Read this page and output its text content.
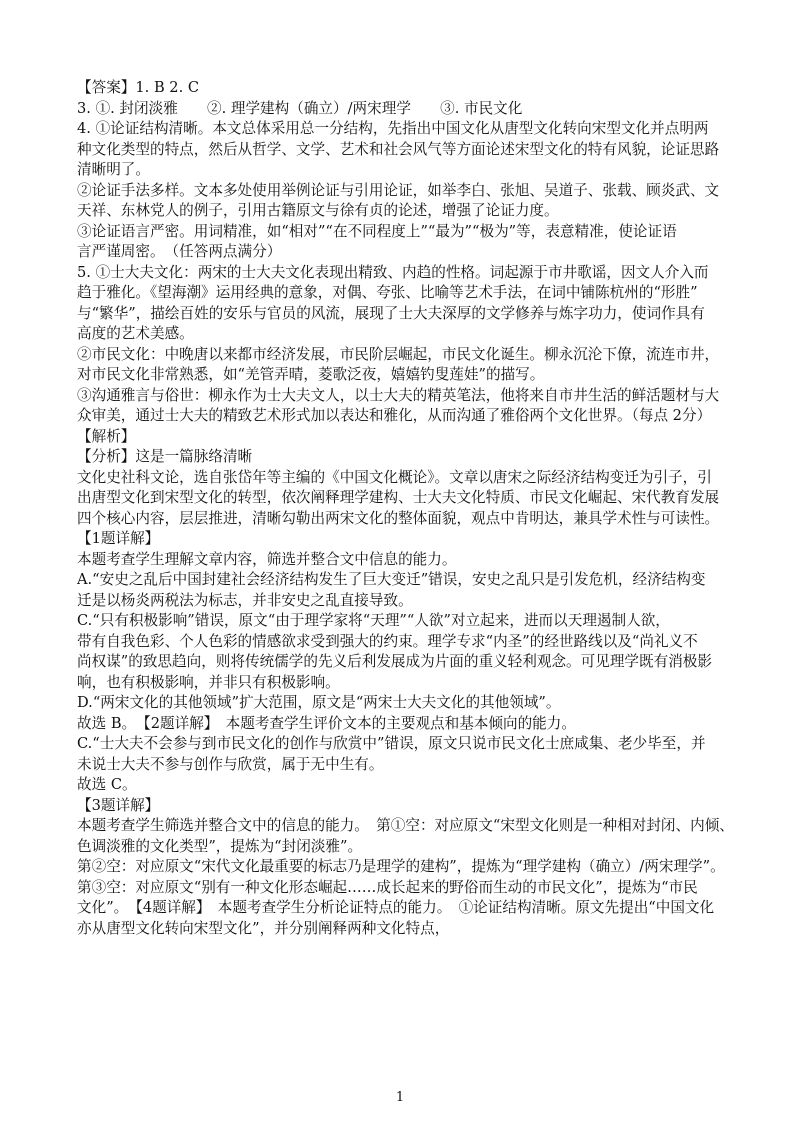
【答案】1. B 2. C
3. ①. 封闭淡雅　　②. 理学建构（确立）/两宋理学　　③. 市民文化
4. ①论证结构清晰。本文总体采用总一分结构，先指出中国文化从唐型文化转向宋型文化并点明两
种文化类型的特点，然后从哲学、文学、艺术和社会风气等方面论述宋型文化的特有风貌，论证思路
清晰明了。
②论证手法多样。文本多处使用举例论证与引用论证，如举李白、张旭、吴道子、张载、顾炎武、文
天祥、东林党人的例子，引用古籍原文与徐有贞的论述，增强了论证力度。
③论证语言严密。用词精准，如“相对”“在不同程度上”“最为”“极为”等，表意精准，使论证语
言严谨周密。　（任答两点满分）
5. ①士大夫文化：两宋的士大夫文化表现出精致、内趋的性格。词起源于市井歌谣，因文人介入而
趋于雅化。《望海潮》运用经典的意象，对偶、夸张、比喻等艺术手法，在词中铺陈杭州的“形胜”
与“繁华”，描绘百姓的安乐与官员的风流，展现了士大夫深厚的文学修养与炼字功力，使词作具有
高度的艺术美感。
②市民文化：中晚唐以来都市经济发展，市民阶层崛起，市民文化诞生。柳永沉沦下僚，流连市井，
对市民文化非常熟悉，如“羌管弄晴，菱歌泛夜，嬉嬉钓叟莲娃”的描写。
③沟通雅言与俗世：柳永作为士大夫文人，以士大夫的精英笔法，他将来自市井生活的鲜活题材与大
众审美，通过士大夫的精致艺术形式加以表达和雅化，从而沟通了雅俗两个文化世界。（每点 2分）
【解析】
【分析】这是一篇脉络清晰
文化史社科文论，选自张岱年等主编的《中国文化概论》。文章以唐宋之际经济结构变迁为引子，引
出唐型文化到宋型文化的转型，依次阐释理学建构、士大夫文化特质、市民文化崛起、宋代教育发展
四个核心内容，层层推进，清晰勾勒出两宋文化的整体面貌，观点中肯明达，兼具学术性与可读性。
【1题详解】
本题考查学生理解文章内容，筛选并整合文中信息的能力。
A.“安史之乱后中国封建社会经济结构发生了巨大变迁”错误，安史之乱只是引发危机，经济结构变
迁是以杨炎两税法为标志，并非安史之乱直接导致。
C.“只有积极影响”错误，原文“由于理学家将“天理”“人欲”对立起来，进而以天理遏制人欲，
带有自我色彩、个人色彩的情感欲求受到强大的约束。理学专求“内圣”的经世路线以及“尚礼义不
尚权谋”的致思趋向，则将传统儒学的先义后利发展成为片面的重义轻利观念。可见理学既有消极影
响，也有积极影响，并非只有积极影响。
D.“两宋文化的其他领域”扩大范围，原文是“两宋士大夫文化的其他领域”。
故选 B。　【2题详解】　本题考查学生评价文本的主要观点和基本倾向的能力。
C.“士大夫不会参与到市民文化的创作与欣赏中”错误，原文只说市民文化士庶咸集、老少毕至，并
未说士大夫不参与创作与欣赏，属于无中生有。
故选 C。
【3题详解】
本题考查学生筛选并整合文中的信息的能力。　第①空：对应原文“宋型文化则是一种相对封闭、内倾、
色调淡雅的文化类型”，提炼为“封闭淡雅”。
第②空：对应原文“宋代文化最重要的标志乃是理学的建构”，提炼为“理学建构（确立）/两宋理学”。
第③空：对应原文“别有一种文化形态崛起……成长起来的野俗而生动的市民文化”，提炼为“市民
文化”。　【4题详解】　本题考查学生分析论证特点的能力。　①论证结构清晰。原文先提出“中国文化
亦从唐型文化转向宋型文化”，并分别阐释两种文化特点，
1
